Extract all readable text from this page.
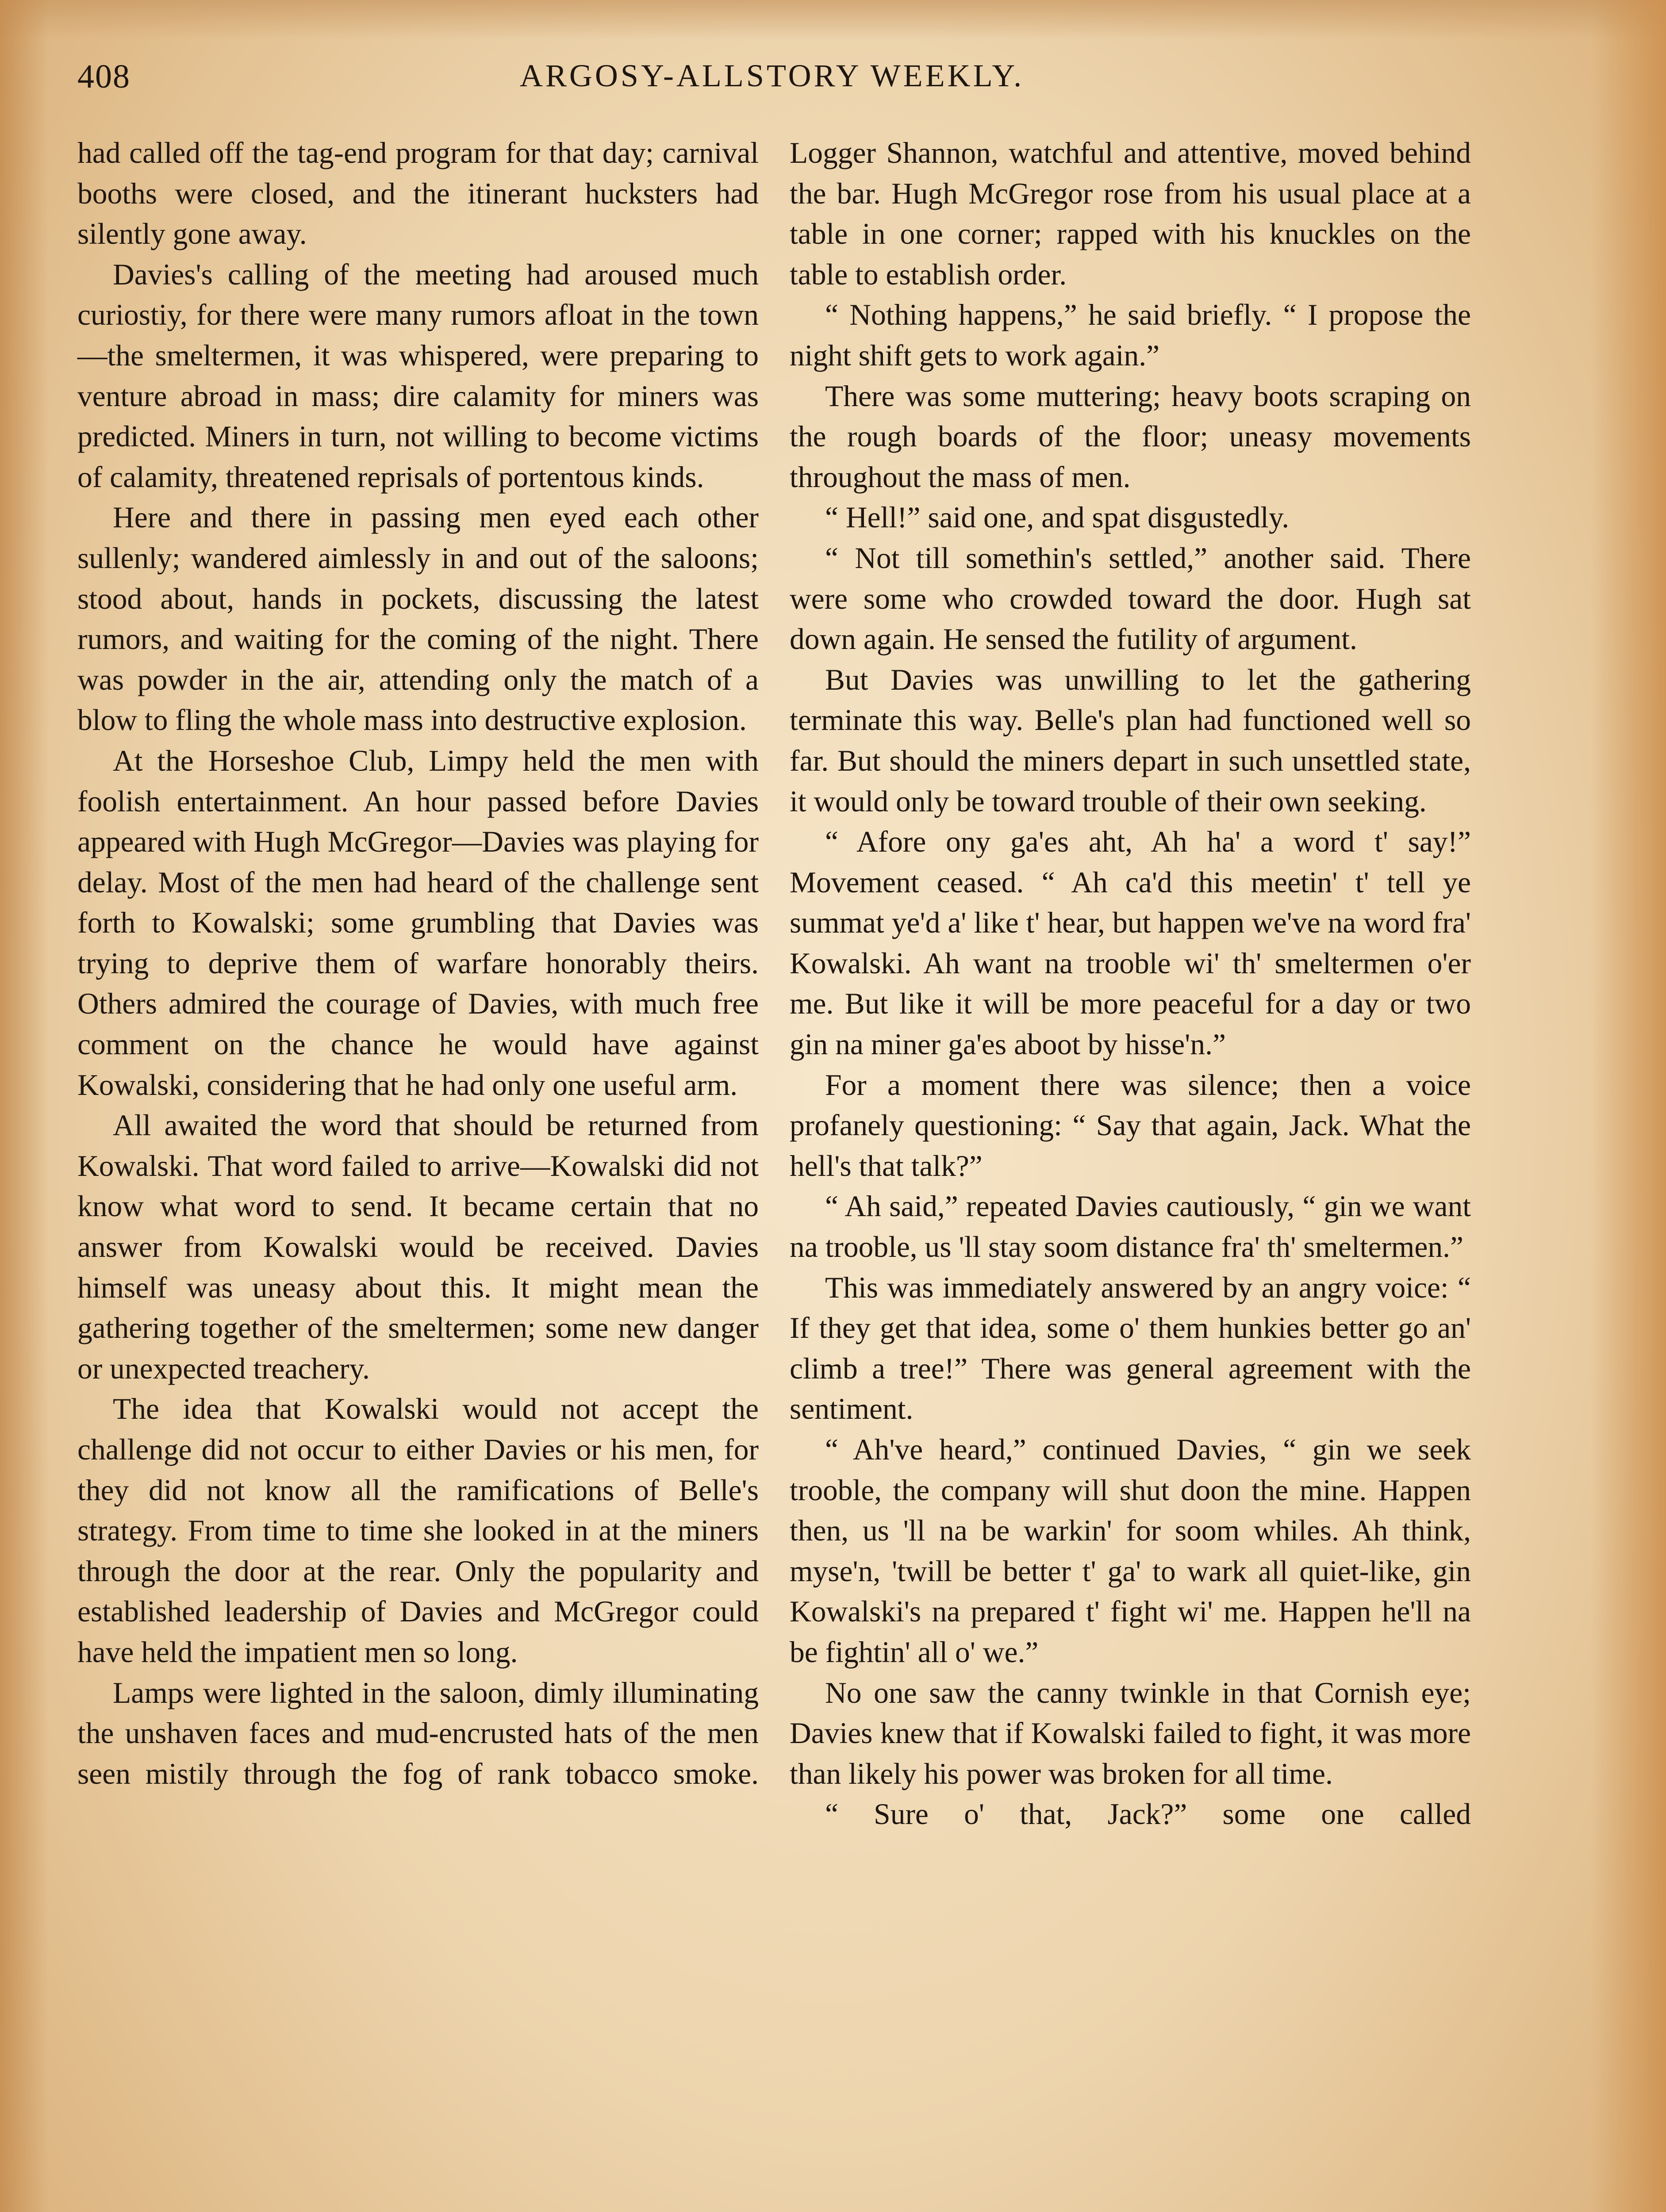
408	ARGOSY-ALLSTORY WEEKLY.

had called off the tag-end program for that day; carnival booths were closed, and the itinerant hucksters had silently gone away.

Davies's calling of the meeting had aroused much curiostiy, for there were many rumors afloat in the town—the smeltermen, it was whispered, were preparing to venture abroad in mass; dire calamity for miners was predicted. Miners in turn, not willing to become victims of calamity, threatened reprisals of portentous kinds.

Here and there in passing men eyed each other sullenly; wandered aimlessly in and out of the saloons; stood about, hands in pockets, discussing the latest rumors, and waiting for the coming of the night. There was powder in the air, attending only the match of a blow to fling the whole mass into destructive explosion.

At the Horseshoe Club, Limpy held the men with foolish entertainment. An hour passed before Davies appeared with Hugh McGregor—Davies was playing for delay. Most of the men had heard of the challenge sent forth to Kowalski; some grumbling that Davies was trying to deprive them of warfare honorably theirs. Others admired the courage of Davies, with much free comment on the chance he would have against Kowalski, considering that he had only one useful arm.

All awaited the word that should be returned from Kowalski. That word failed to arrive—Kowalski did not know what word to send. It became certain that no answer from Kowalski would be received. Davies himself was uneasy about this. It might mean the gathering together of the smeltermen; some new danger or unexpected treachery.

The idea that Kowalski would not accept the challenge did not occur to either Davies or his men, for they did not know all the ramifications of Belle's strategy. From time to time she looked in at the miners through the door at the rear. Only the popularity and established leadership of Davies and McGregor could have held the impatient men so long.

Lamps were lighted in the saloon, dimly illuminating the unshaven faces and mud-encrusted hats of the men seen mistily through the fog of rank tobacco smoke.

Logger Shannon, watchful and attentive, moved behind the bar. Hugh McGregor rose from his usual place at a table in one corner; rapped with his knuckles on the table to establish order.

“ Nothing happens,” he said briefly. “ I propose the night shift gets to work again.”

There was some muttering; heavy boots scraping on the rough boards of the floor; uneasy movements throughout the mass of men.

“ Hell!” said one, and spat disgustedly.

“ Not till somethin's settled,” another said. There were some who crowded toward the door. Hugh sat down again. He sensed the futility of argument.

But Davies was unwilling to let the gathering terminate this way. Belle's plan had functioned well so far. But should the miners depart in such unsettled state, it would only be toward trouble of their own seeking.

“ Afore ony ga'es aht, Ah ha' a word t' say!” Movement ceased. “ Ah ca'd this meetin' t' tell ye summat ye'd a' like t' hear, but happen we've na word fra' Kowalski. Ah want na trooble wi' th' smeltermen o'er me. But like it will be more peaceful for a day or two gin na miner ga'es aboot by hisse'n.”

For a moment there was silence; then a voice profanely questioning: “ Say that again, Jack. What the hell's that talk?”

“ Ah said,” repeated Davies cautiously, “ gin we want na trooble, us 'll stay soom distance fra' th' smeltermen.”

This was immediately answered by an angry voice: “ If they get that idea, some o' them hunkies better go an' climb a tree!” There was general agreement with the sentiment.

“ Ah've heard,” continued Davies, “ gin we seek trooble, the company will shut doon the mine. Happen then, us 'll na be warkin' for soom whiles. Ah think, myse'n, 'twill be better t' ga' to wark all quiet-like, gin Kowalski's na prepared t' fight wi' me. Happen he'll na be fightin' all o' we.”

No one saw the canny twinkle in that Cornish eye; Davies knew that if Kowalski failed to fight, it was more than likely his power was broken for all time.

“ Sure o' that, Jack?” some one called
